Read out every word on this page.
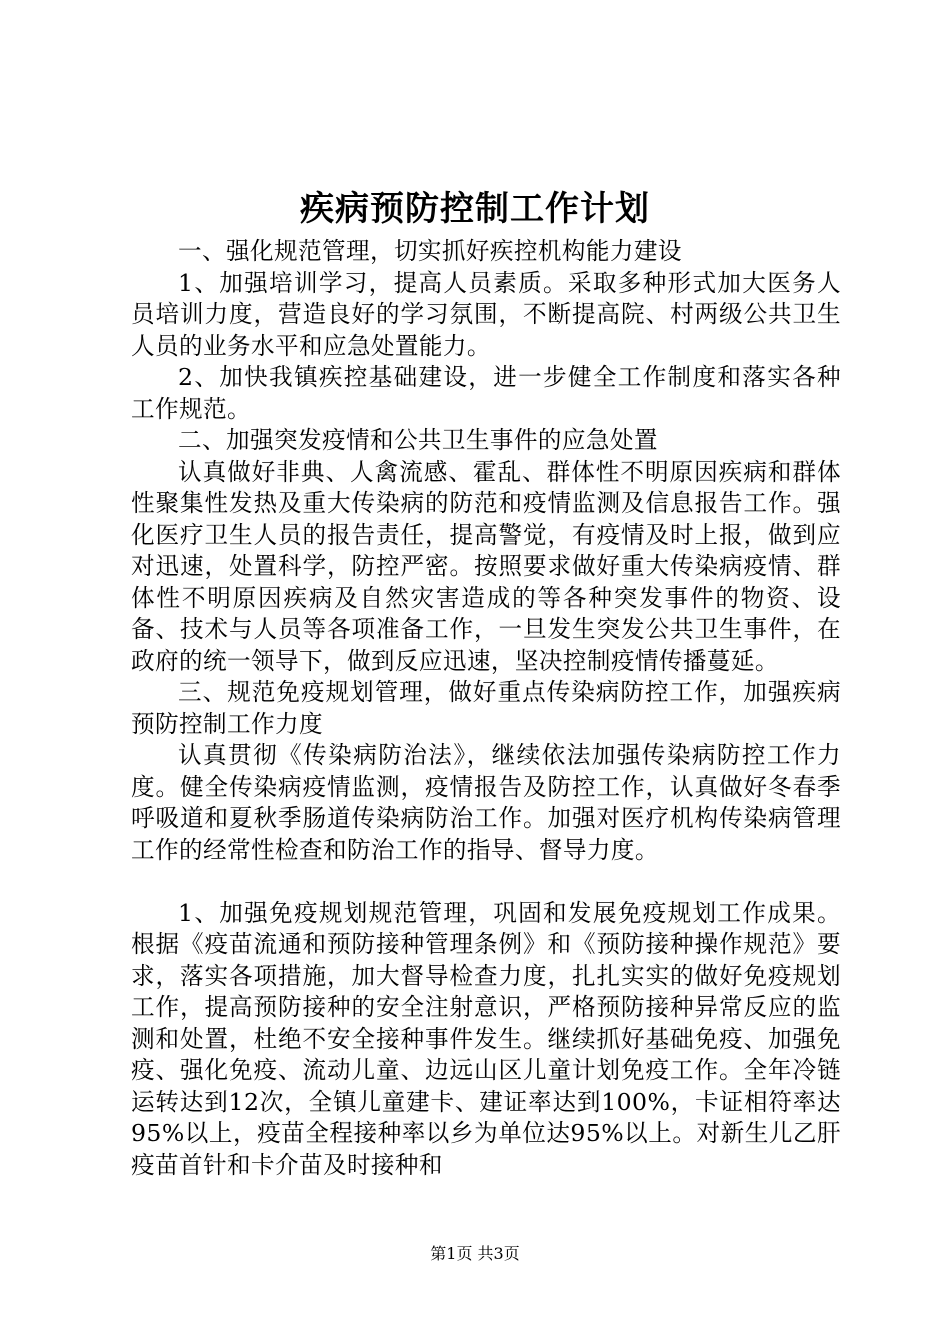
疾病预防控制工作计划

一、强化规范管理，切实抓好疾控机构能力建设

1、加强培训学习，提高人员素质。采取多种形式加大医务人员培训力度，营造良好的学习氛围，不断提高院、村两级公共卫生人员的业务水平和应急处置能力。

2、加快我镇疾控基础建设，进一步健全工作制度和落实各种工作规范。

二、加强突发疫情和公共卫生事件的应急处置

认真做好非典、人禽流感、霍乱、群体性不明原因疾病和群体性聚集性发热及重大传染病的防范和疫情监测及信息报告工作。强化医疗卫生人员的报告责任，提高警觉，有疫情及时上报，做到应对迅速，处置科学，防控严密。按照要求做好重大传染病疫情、群体性不明原因疾病及自然灾害造成的等各种突发事件的物资、设备、技术与人员等各项准备工作，一旦发生突发公共卫生事件，在政府的统一领导下，做到反应迅速，坚决控制疫情传播蔓延。

三、规范免疫规划管理，做好重点传染病防控工作，加强疾病预防控制工作力度

认真贯彻《传染病防治法》，继续依法加强传染病防控工作力度。健全传染病疫情监测，疫情报告及防控工作，认真做好冬春季呼吸道和夏秋季肠道传染病防治工作。加强对医疗机构传染病管理工作的经常性检查和防治工作的指导、督导力度。

1、加强免疫规划规范管理，巩固和发展免疫规划工作成果。根据《疫苗流通和预防接种管理条例》和《预防接种操作规范》要求，落实各项措施，加大督导检查力度，扎扎实实的做好免疫规划工作，提高预防接种的安全注射意识，严格预防接种异常反应的监测和处置，杜绝不安全接种事件发生。继续抓好基础免疫、加强免疫、强化免疫、流动儿童、边远山区儿童计划免疫工作。全年冷链运转达到12次，全镇儿童建卡、建证率达到100%，卡证相符率达95%以上，疫苗全程接种率以乡为单位达95%以上。对新生儿乙肝疫苗首针和卡介苗及时接种和

第1页 共3页
